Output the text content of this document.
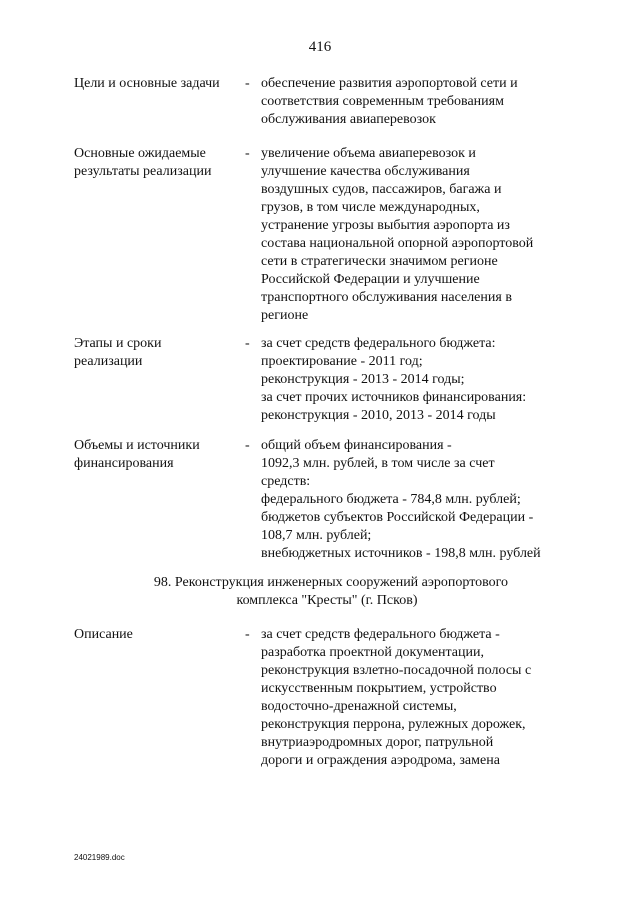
416
Цели и основные задачи	- обеспечение развития аэропортовой сети и
соответствия современным требованиям
обслуживания авиаперевозок
Основные ожидаемые
результаты реализации
- увеличение объема авиаперевозок и
улучшение качества обслуживания
воздушных судов, пассажиров, багажа и
грузов, в том числе международных,
устранение угрозы выбытия аэропорта из
состава национальной опорной аэропортовой
сети в стратегически значимом регионе
Российской Федерации и улучшение
транспортного обслуживания населения в
регионе
Этапы и сроки
реализации
- за счет средств федерального бюджета:
проектирование - 2011 год;
реконструкция - 2013 - 2014 годы;
за счет прочих источников финансирования:
реконструкция - 2010, 2013 - 2014 годы
Объемы и источники
финансирования
- общий объем финансирования -
1092,3 млн. рублей, в том числе за счет
средств:
федерального бюджета - 784,8 млн. рублей;
бюджетов субъектов Российской Федерации -
108,7 млн. рублей;
внебюджетных источников - 198,8 млн. рублей
98. Реконструкция инженерных сооружений аэропортового
комплекса "Кресты" (г. Псков)
Описание	- за счет средств федерального бюджета -
разработка проектной документации,
реконструкция взлетно-посадочной полосы с
искусственным покрытием, устройство
водосточно-дренажной системы,
реконструкция перрона, рулежных дорожек,
внутриаэродромных дорог, патрульной
дороги и ограждения аэродрома, замена
24021989.doc
